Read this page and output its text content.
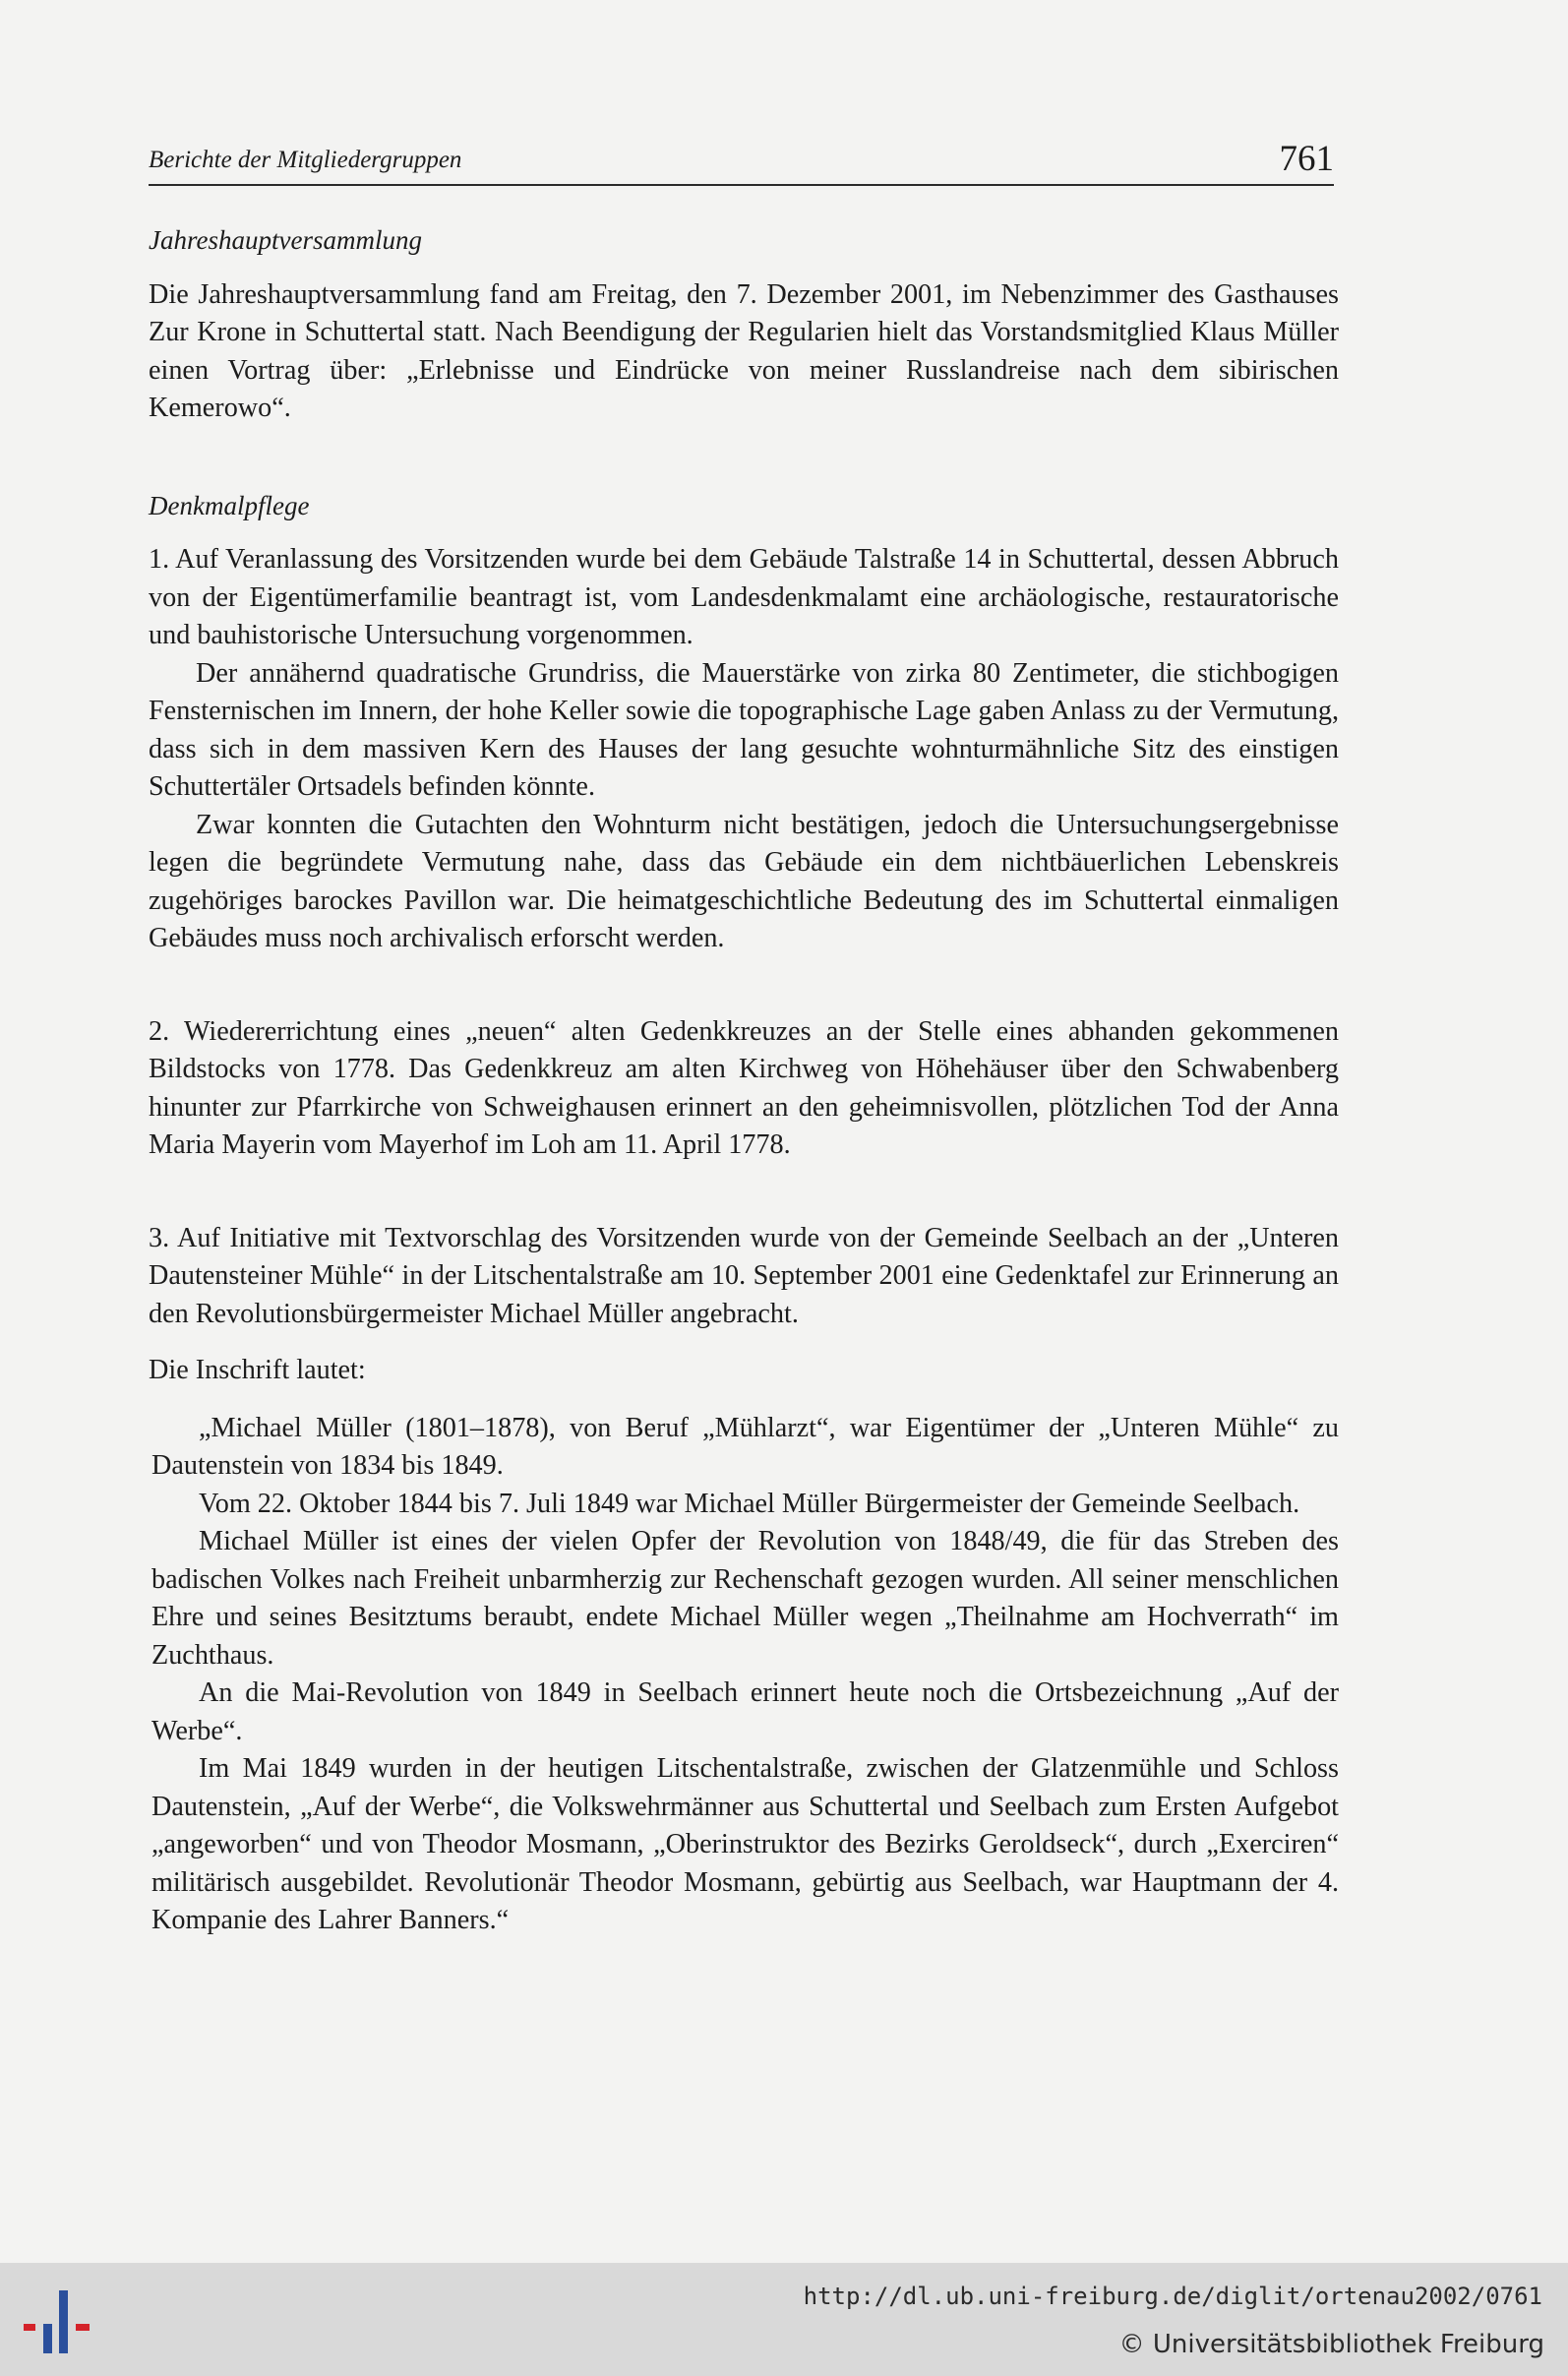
Berichte der Mitgliedergruppen	761

Jahreshauptversammlung

Die Jahreshauptversammlung fand am Freitag, den 7. Dezember 2001, im Nebenzimmer des Gasthauses Zur Krone in Schuttertal statt. Nach Beendigung der Regularien hielt das Vorstandsmitglied Klaus Müller einen Vortrag über: „Erlebnisse und Eindrücke von meiner Russlandreise nach dem sibirischen Kemerowo“.

Denkmalpflege

1. Auf Veranlassung des Vorsitzenden wurde bei dem Gebäude Talstraße 14 in Schuttertal, dessen Abbruch von der Eigentümerfamilie beantragt ist, vom Landesdenkmalamt eine archäologische, restauratorische und bauhistorische Untersuchung vorgenommen.

Der annähernd quadratische Grundriss, die Mauerstärke von zirka 80 Zentimeter, die stichbogigen Fensternischen im Innern, der hohe Keller sowie die topographische Lage gaben Anlass zu der Vermutung, dass sich in dem massiven Kern des Hauses der lang gesuchte wohnturmähnliche Sitz des einstigen Schuttertäler Ortsadels befinden könnte.

Zwar konnten die Gutachten den Wohnturm nicht bestätigen, jedoch die Untersuchungsergebnisse legen die begründete Vermutung nahe, dass das Gebäude ein dem nichtbäuerlichen Lebenskreis zugehöriges barockes Pavillon war. Die heimatgeschichtliche Bedeutung des im Schuttertal einmaligen Gebäudes muss noch archivalisch erforscht werden.

2. Wiedererrichtung eines „neuen“ alten Gedenkkreuzes an der Stelle eines abhanden gekommenen Bildstocks von 1778. Das Gedenkkreuz am alten Kirchweg von Höhehäuser über den Schwabenberg hinunter zur Pfarrkirche von Schweighausen erinnert an den geheimnisvollen, plötzlichen Tod der Anna Maria Mayerin vom Mayerhof im Loh am 11. April 1778.

3. Auf Initiative mit Textvorschlag des Vorsitzenden wurde von der Gemeinde Seelbach an der „Unteren Dautensteiner Mühle“ in der Litschentalstraße am 10. September 2001 eine Gedenktafel zur Erinnerung an den Revolutionsbürgermeister Michael Müller angebracht.

Die Inschrift lautet:

„Michael Müller (1801–1878), von Beruf „Mühlarzt“, war Eigentümer der „Unteren Mühle“ zu Dautenstein von 1834 bis 1849.

Vom 22. Oktober 1844 bis 7. Juli 1849 war Michael Müller Bürgermeister der Gemeinde Seelbach.

Michael Müller ist eines der vielen Opfer der Revolution von 1848/49, die für das Streben des badischen Volkes nach Freiheit unbarmherzig zur Rechenschaft gezogen wurden. All seiner menschlichen Ehre und seines Besitztums beraubt, endete Michael Müller wegen „Theilnahme am Hochverrath“ im Zuchthaus.

An die Mai-Revolution von 1849 in Seelbach erinnert heute noch die Ortsbezeichnung „Auf der Werbe“.

Im Mai 1849 wurden in der heutigen Litschentalstraße, zwischen der Glatzenmühle und Schloss Dautenstein, „Auf der Werbe“, die Volkswehrmänner aus Schuttertal und Seelbach zum Ersten Aufgebot „angeworben“ und von Theodor Mosmann, „Oberinstruktor des Bezirks Geroldseck“, durch „Exerciren“ militärisch ausgebildet. Revolutionär Theodor Mosmann, gebürtig aus Seelbach, war Hauptmann der 4. Kompanie des Lahrer Banners.“

http://dl.ub.uni-freiburg.de/diglit/ortenau2002/0761
© Universitätsbibliothek Freiburg
